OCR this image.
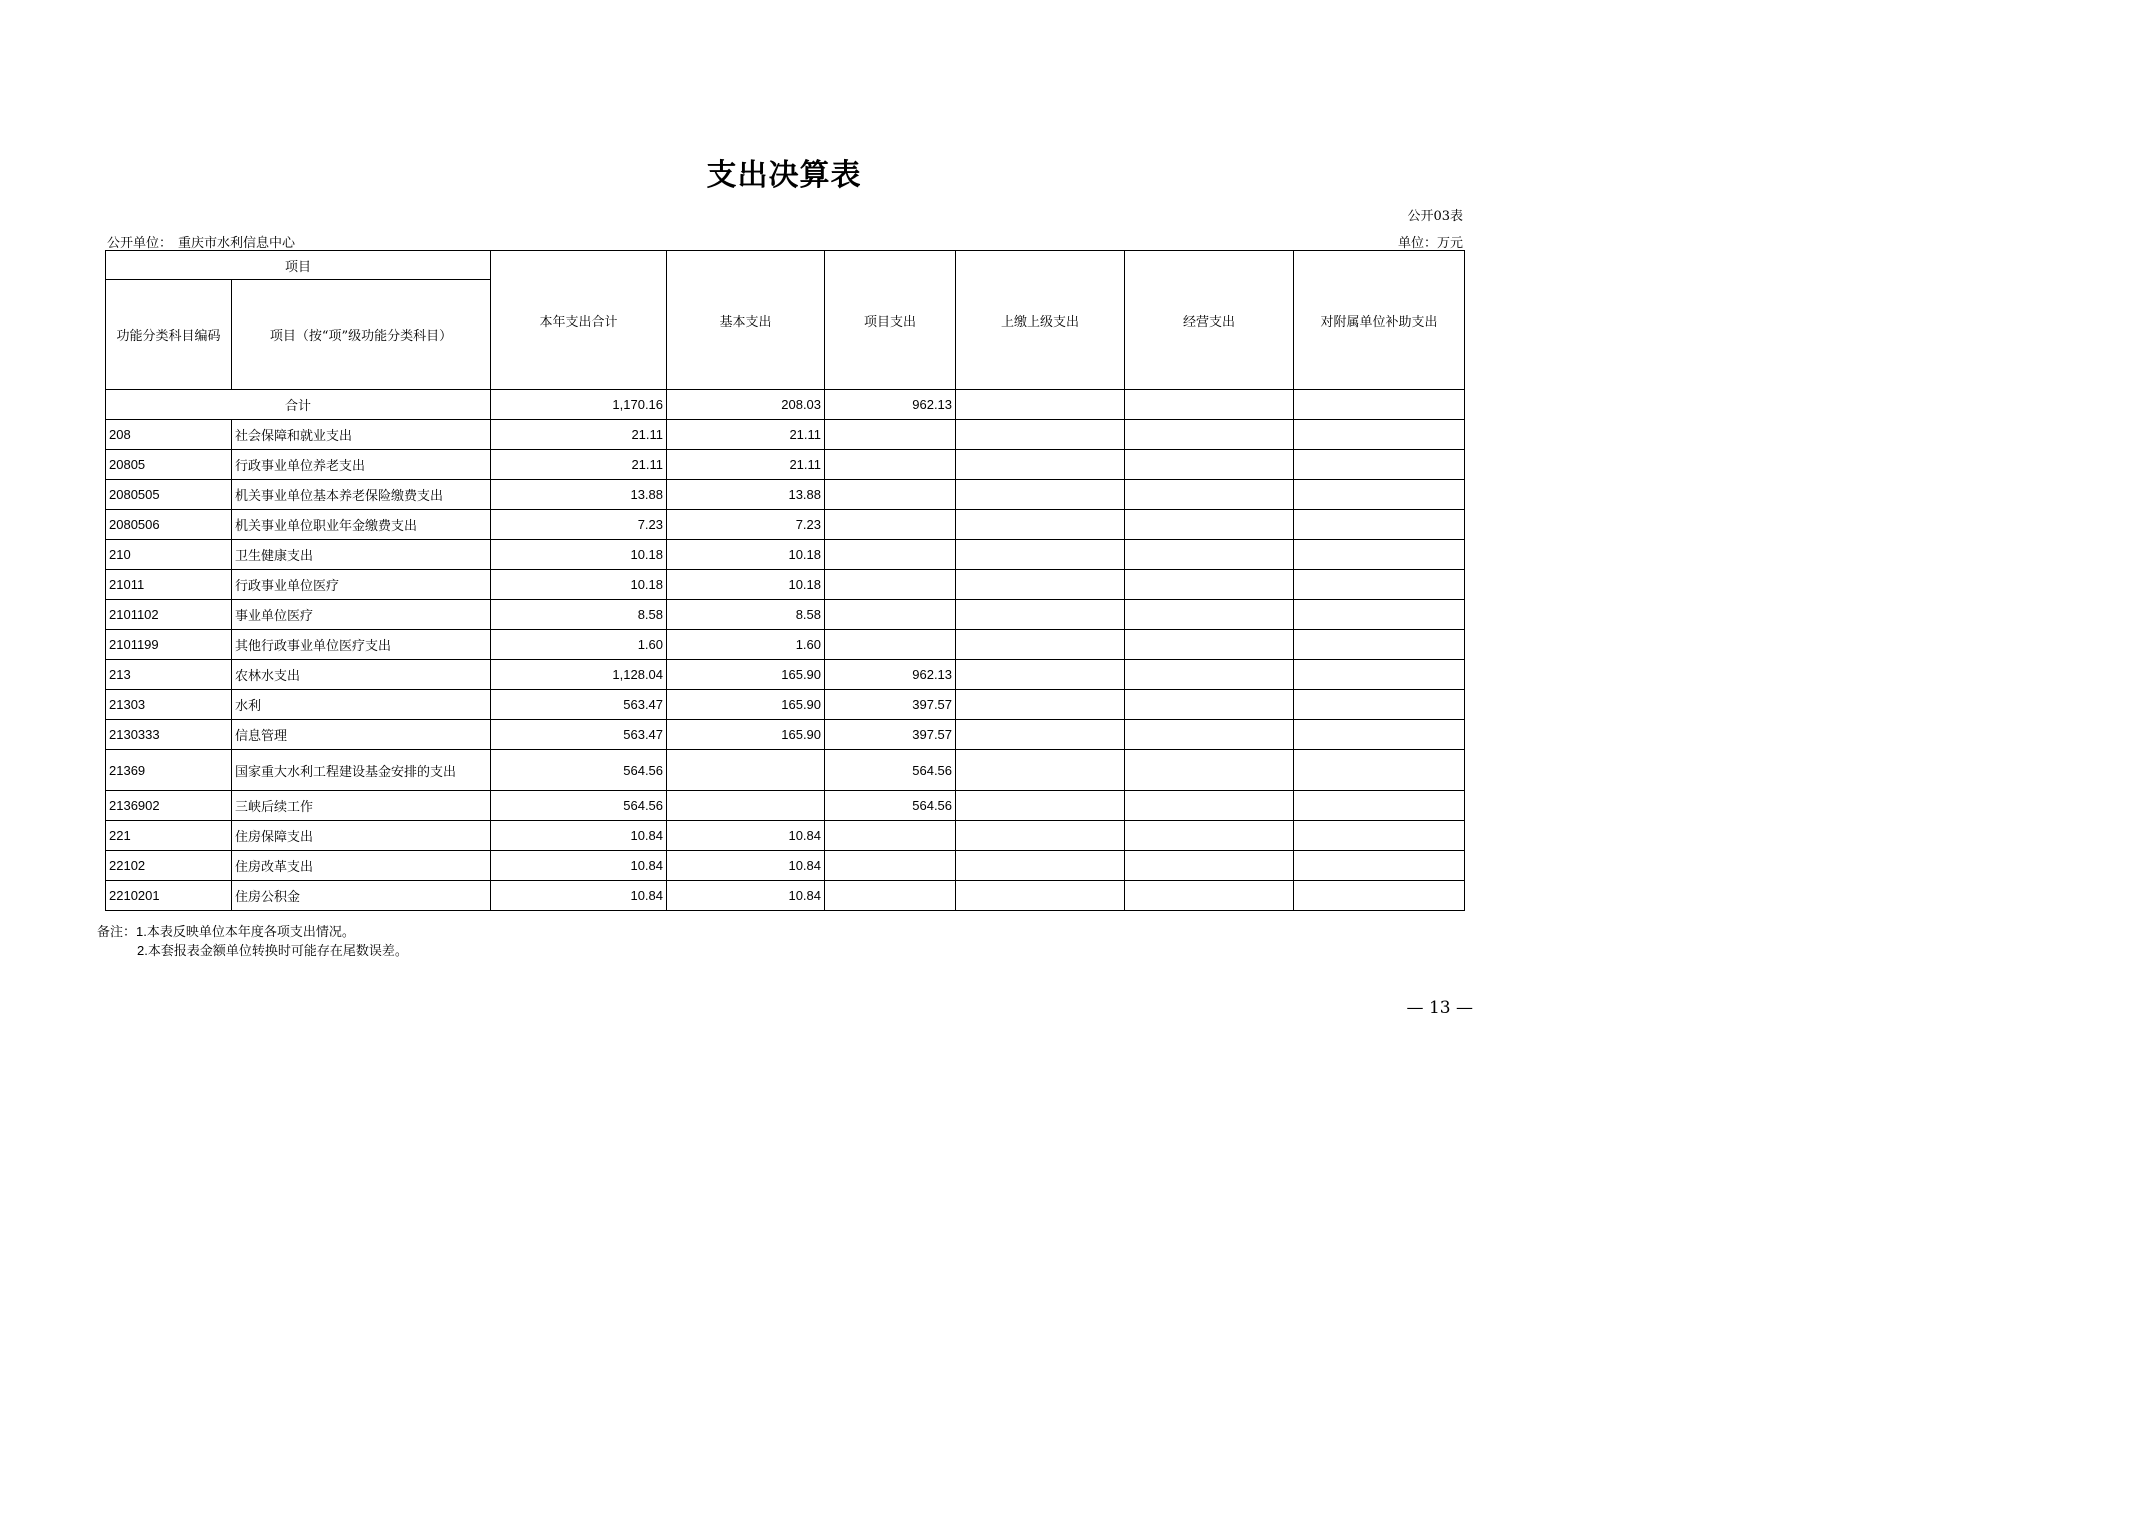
支出决算表
公开03表
公开单位： 重庆市水利信息中心	单位：万元
项目		本年支出合计	基本支出	项目支出	上缴上级支出	经营支出	对附属单位补助支出
功能分类科目编码	项目（按“项”级功能分类科目）						
合计		1,170.16	208.03	962.13			
208	社会保障和就业支出	21.11	21.11				
20805	行政事业单位养老支出	21.11	21.11				
2080505	机关事业单位基本养老保险缴费支出	13.88	13.88				
2080506	机关事业单位职业年金缴费支出	7.23	7.23				
210	卫生健康支出	10.18	10.18				
21011	行政事业单位医疗	10.18	10.18				
2101102	事业单位医疗	8.58	8.58				
2101199	其他行政事业单位医疗支出	1.60	1.60				
213	农林水支出	1,128.04	165.90	962.13			
21303	水利	563.47	165.90	397.57			
2130333	信息管理	563.47	165.90	397.57			
21369	国家重大水利工程建设基金安排的支出	564.56		564.56			
2136902	三峡后续工作	564.56		564.56			
221	住房保障支出	10.84	10.84				
22102	住房改革支出	10.84	10.84				
2210201	住房公积金	10.84	10.84				
备注：1.本表反映单位本年度各项支出情况。
2.本套报表金额单位转换时可能存在尾数误差。
— 13 —
